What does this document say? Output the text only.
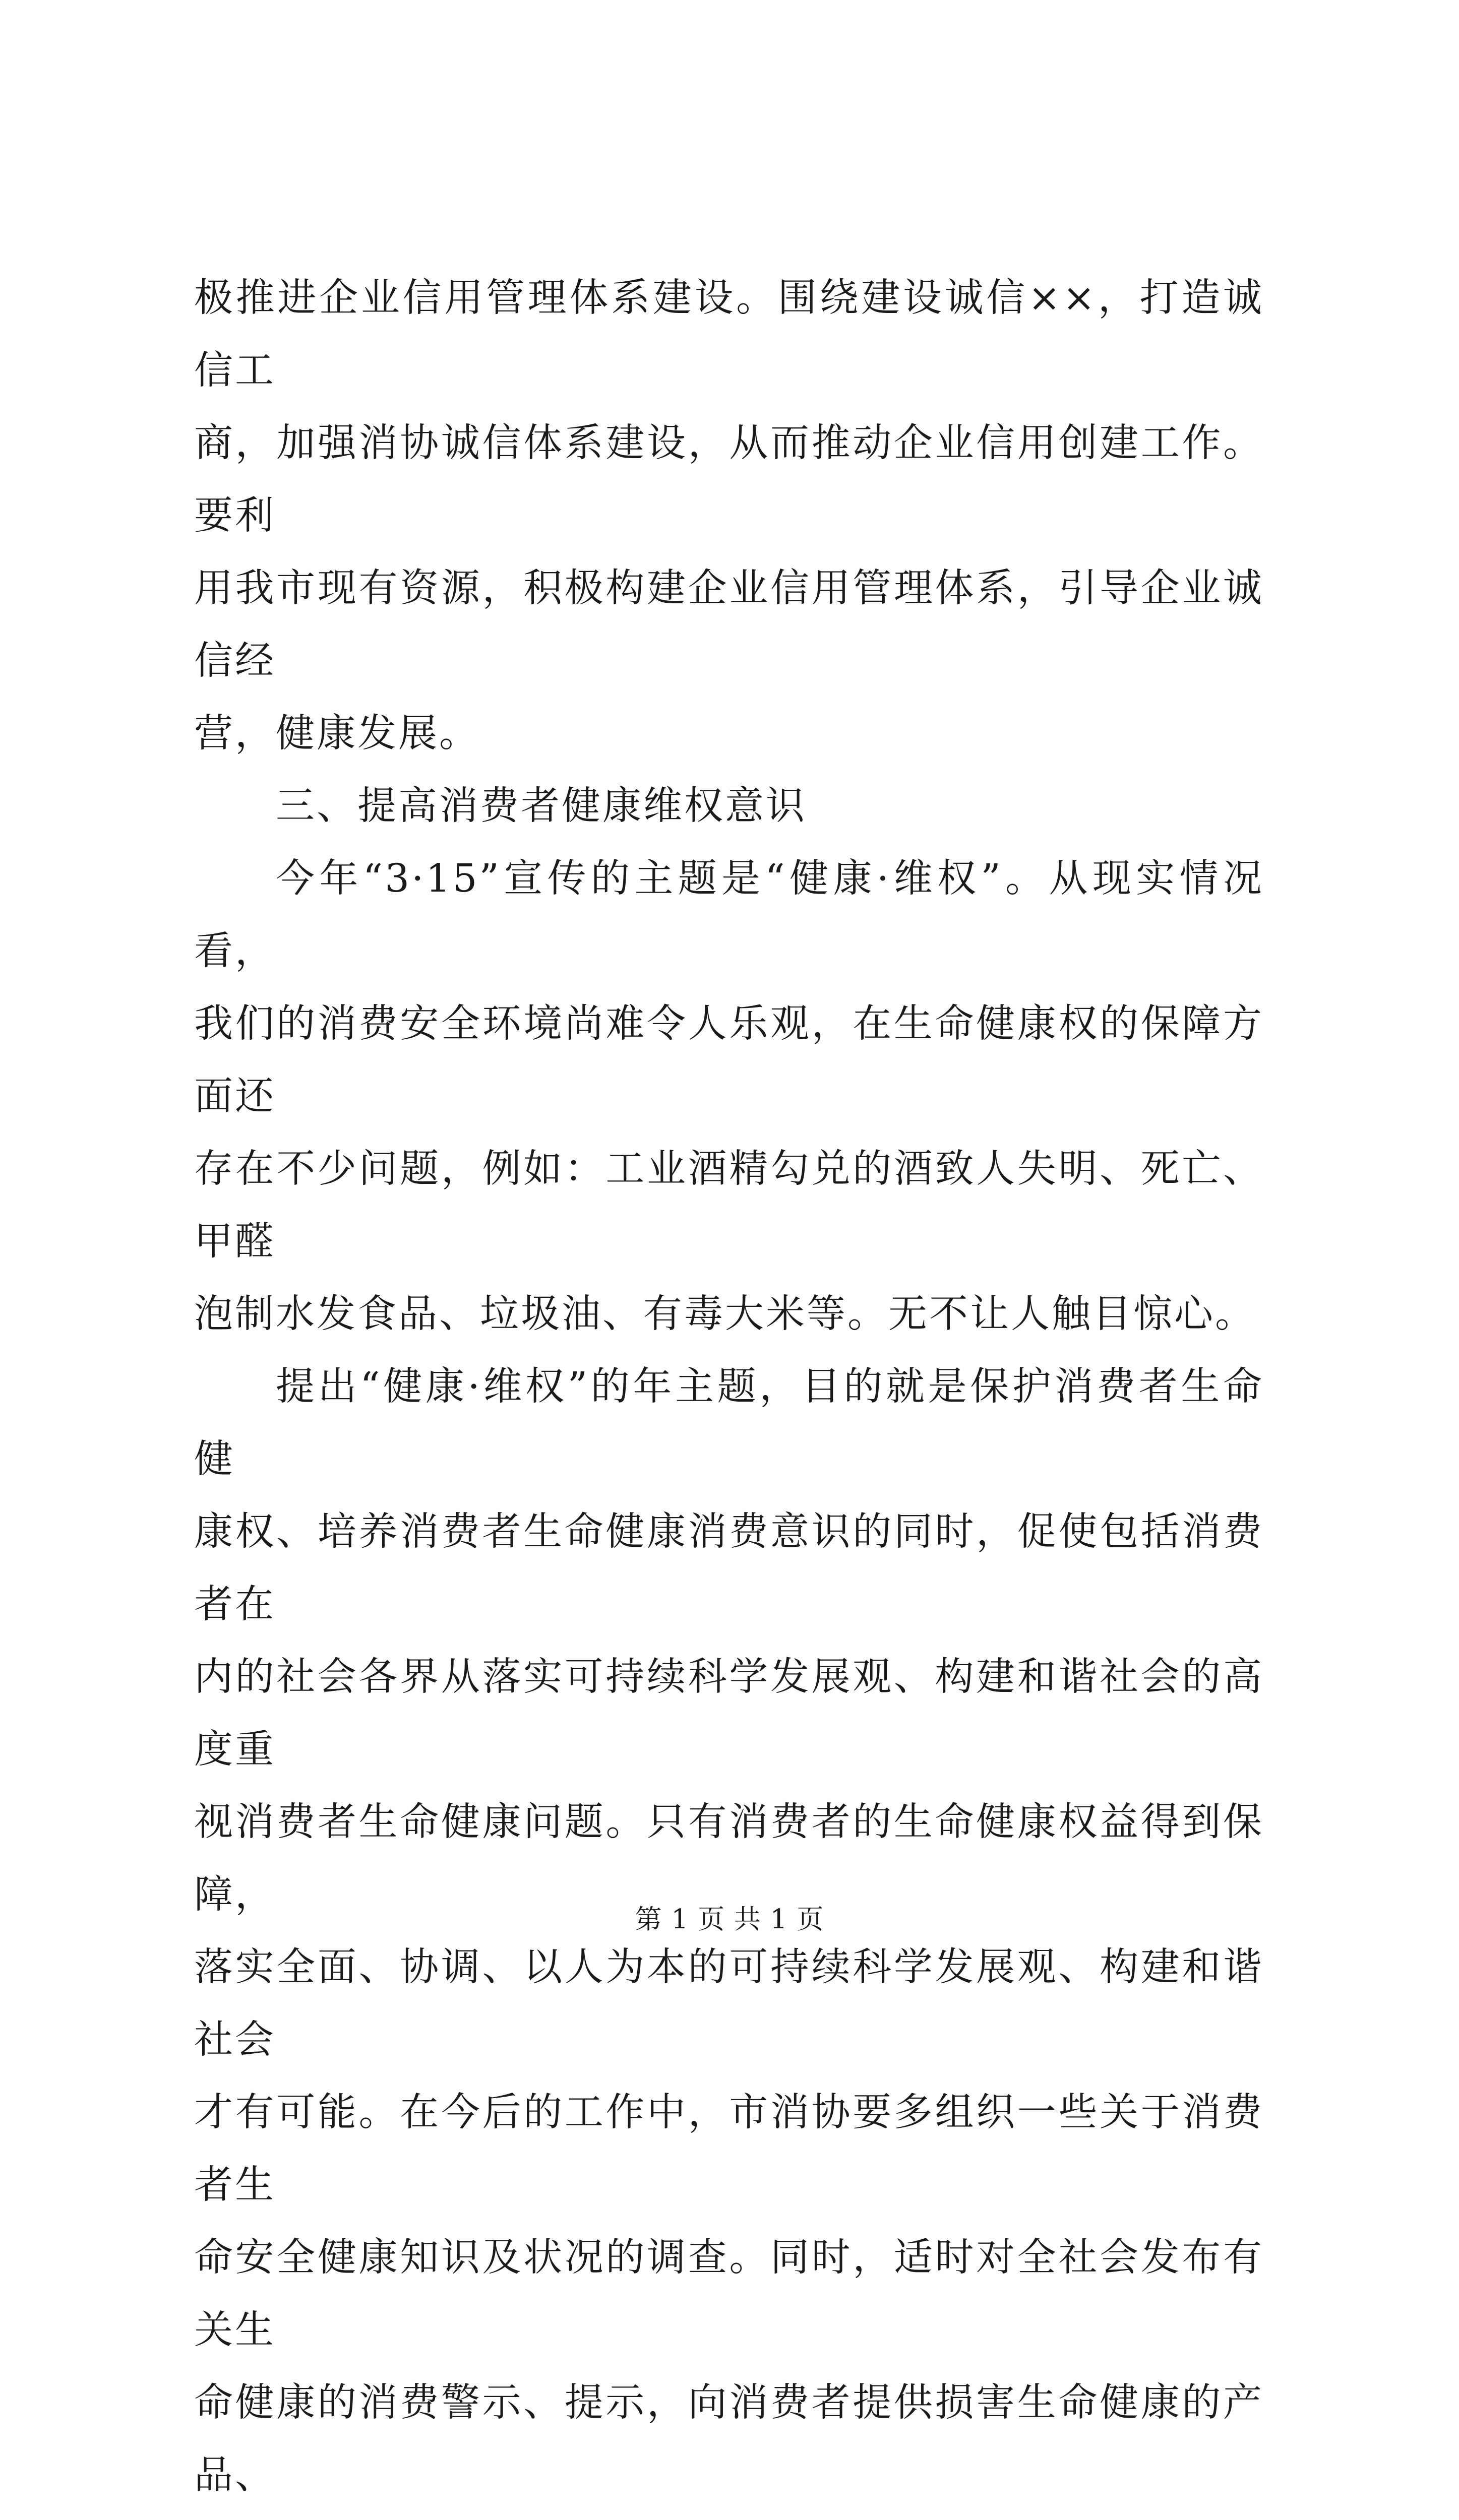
极推进企业信用管理体系建设。围绕建设诚信××，打造诚信工
商，加强消协诚信体系建设，从而推动企业信用创建工作。要利
用我市现有资源，积极构建企业信用管理体系，引导企业诚信经
营，健康发展。

三、提高消费者健康维权意识

今年“3·15”宣传的主题是“健康·维权”。从现实情况看，
我们的消费安全环境尚难令人乐观，在生命健康权的保障方面还
存在不少问题，例如：工业酒精勾兑的酒致人失明、死亡、甲醛
泡制水发食品、垃圾油、有毒大米等。无不让人触目惊心。

提出“健康·维权”的年主题，目的就是保护消费者生命健
康权、培养消费者生命健康消费意识的同时，促使包括消费者在
内的社会各界从落实可持续科学发展观、构建和谐社会的高度重
视消费者生命健康问题。只有消费者的生命健康权益得到保障，
落实全面、协调、以人为本的可持续科学发展观、构建和谐社会
才有可能。在今后的工作中，市消协要多组织一些关于消费者生
命安全健康知识及状况的调查。同时，适时对全社会发布有关生
命健康的消费警示、提示，向消费者提供损害生命健康的产品、

第 1 页 共 1 页
